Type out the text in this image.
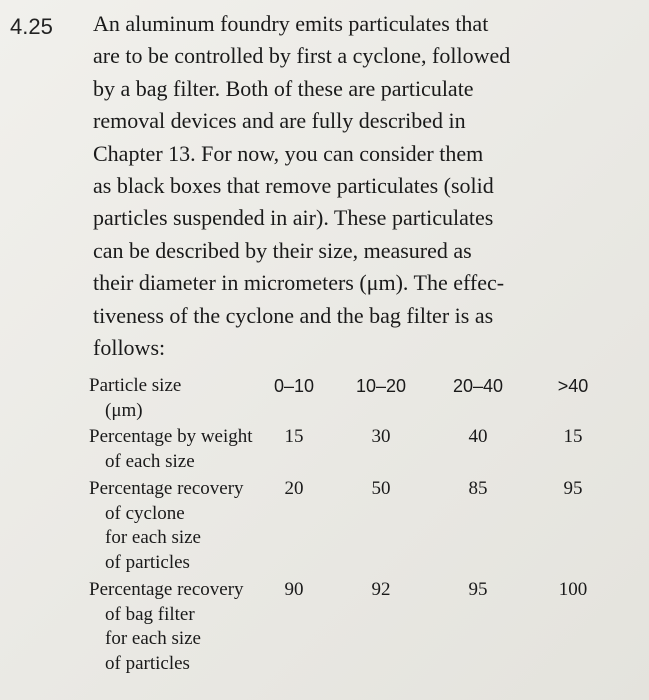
4.25 An aluminum foundry emits particulates that
are to be controlled by first a cyclone, followed
by a bag filter. Both of these are particulate
removal devices and are fully described in
Chapter 13. For now, you can consider them
as black boxes that remove particulates (solid
particles suspended in air). These particulates
can be described by their size, measured as
their diameter in micrometers (μm). The effec-
tiveness of the cyclone and the bag filter is as
follows:
Particle size
(μm)
0–10	10–20	20–40	>40
Percentage by weight
of each size
15	30	40	15
Percentage recovery
of cyclone
for each size
of particles
20	50	85	95
Percentage recovery
of bag filter
for each size
of particles
90	92	95	100
